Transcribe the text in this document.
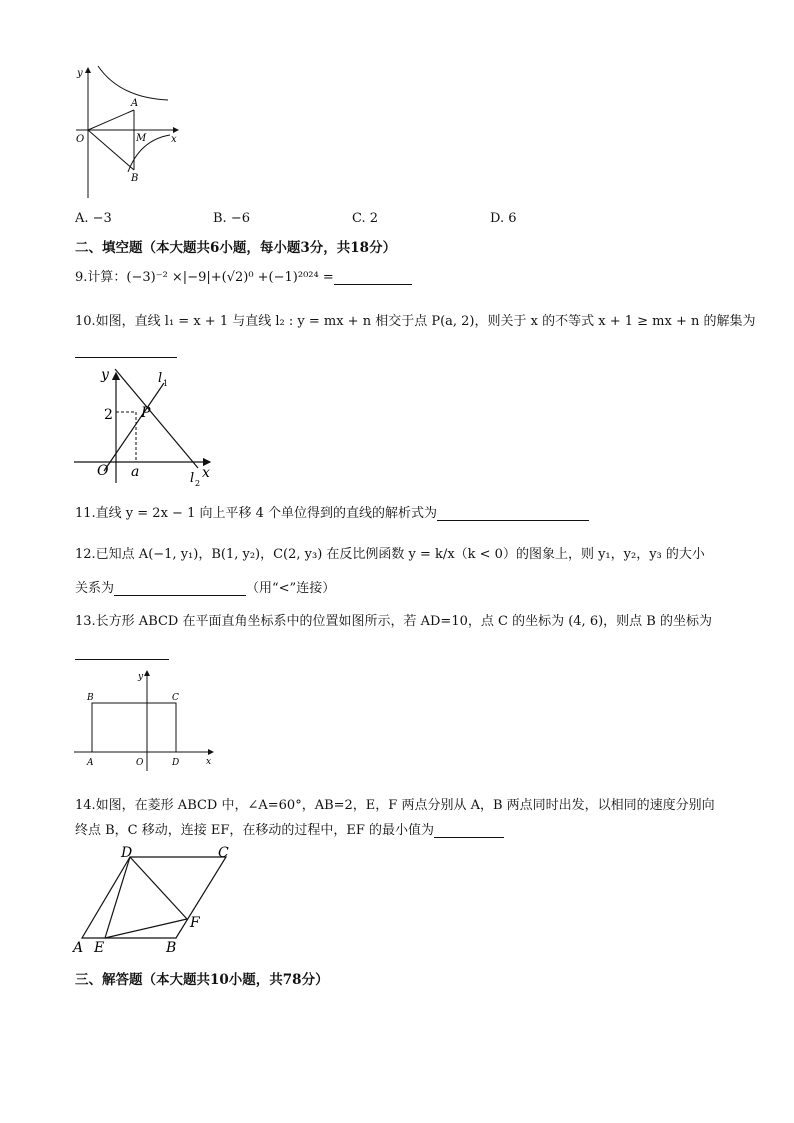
y
x
O
A
M
B
A. −3	B. −6	C. 2	D. 6
二、填空题（本大题共6小题，每小题3分，共18分）
9.计算：(−3)⁻² ×|−9|+(√2)⁰ +(−1)²⁰²⁴ =
10.如图，直线 l₁ = x + 1 与直线 l₂ : y = mx + n 相交于点 P(a, 2)，则关于 x 的不等式 x + 1 ≥ mx + n 的解集为
y
x
O a
2 P
l 1
l 2
11.直线 y = 2x − 1 向上平移 4 个单位得到的直线的解析式为
12.已知点 A(−1, y₁)，B(1, y₂)，C(2, y₃) 在反比例函数 y = k/x（k < 0）的图象上，则 y₁，y₂，y₃ 的大小
关系为	（用“<”连接）
13.长方形 ABCD 在平面直角坐标系中的位置如图所示，若 AD=10，点 C 的坐标为 (4, 6)，则点 B 的坐标为
y
x
O
A
B	C
D
14.如图，在菱形 ABCD 中，∠A=60°，AB=2，E，F 两点分别从 A，B 两点同时出发，以相同的速度分别向
终点 B，C 移动，连接 EF，在移动的过程中，EF 的最小值为
A E	B
F
C
D
三、解答题（本大题共10小题，共78分）
